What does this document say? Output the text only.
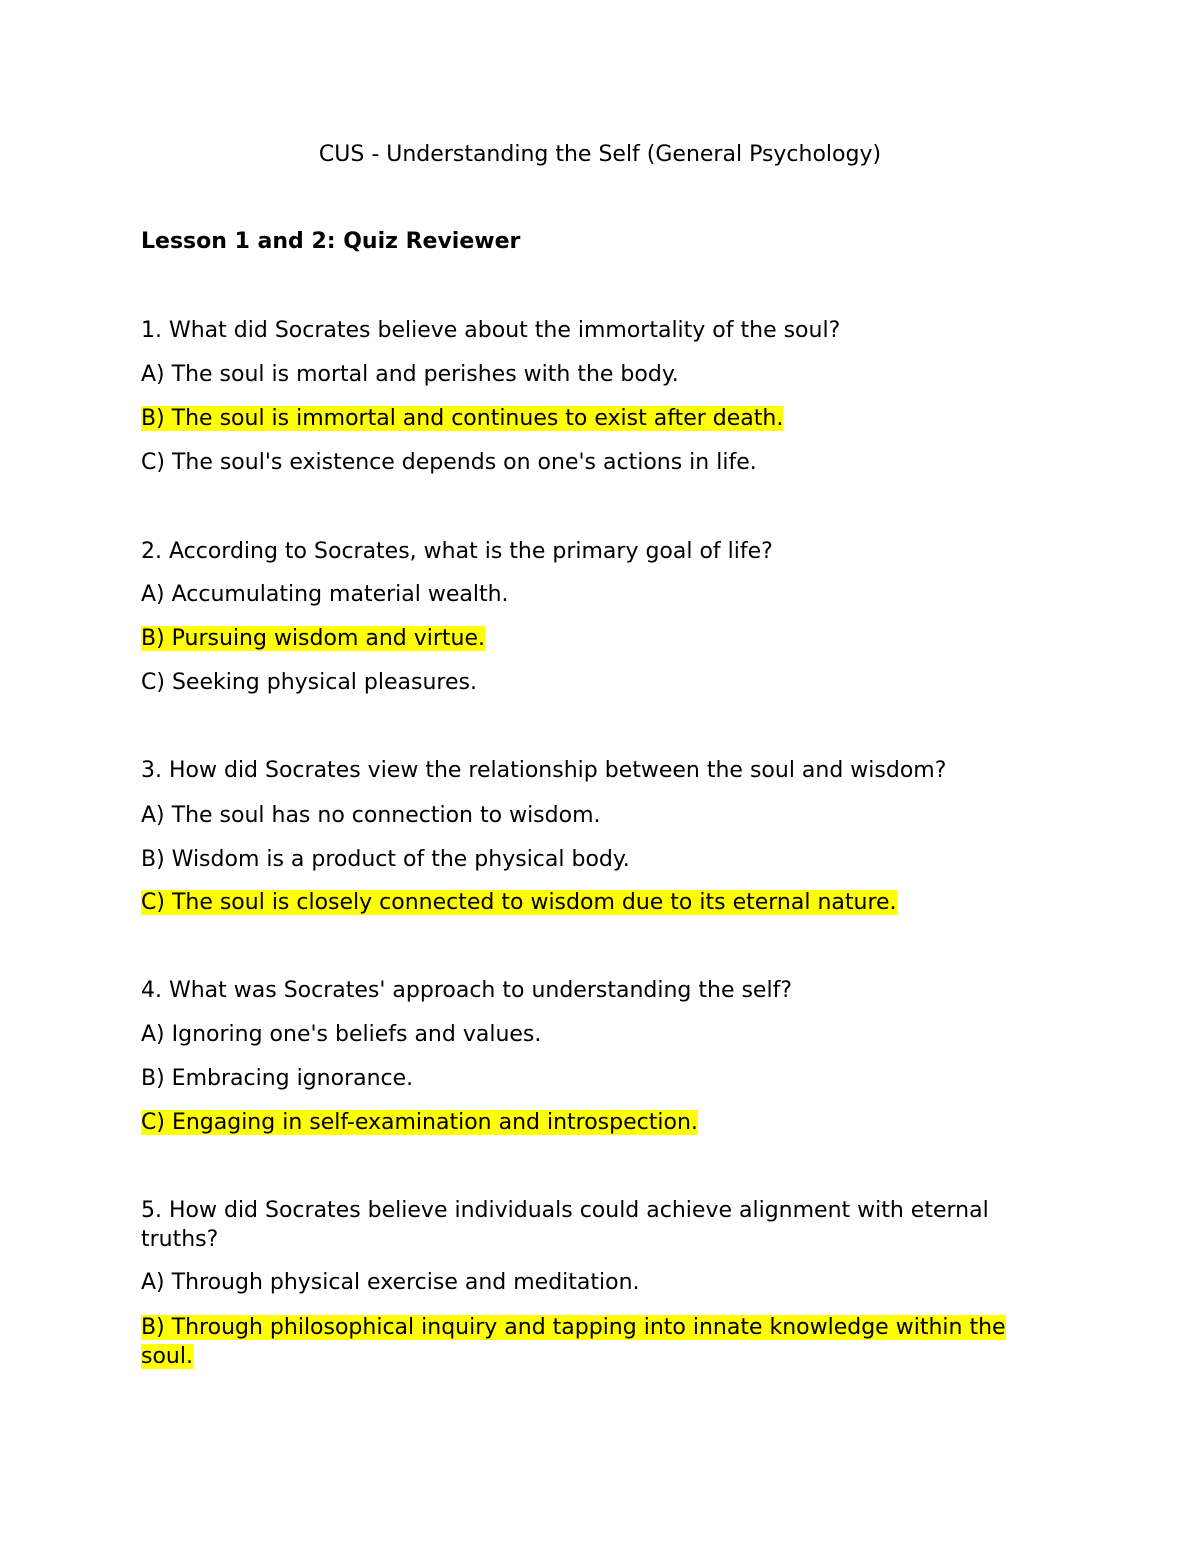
CUS - Understanding the Self (General Psychology)
Lesson 1 and 2: Quiz Reviewer

1. What did Socrates believe about the immortality of the soul?

A) The soul is mortal and perishes with the body.

B) The soul is immortal and continues to exist after death.

C) The soul's existence depends on one's actions in life.

2. According to Socrates, what is the primary goal of life?

A) Accumulating material wealth.

B) Pursuing wisdom and virtue.

C) Seeking physical pleasures.

3. How did Socrates view the relationship between the soul and wisdom?

A) The soul has no connection to wisdom.

B) Wisdom is a product of the physical body.

C) The soul is closely connected to wisdom due to its eternal nature.

4. What was Socrates' approach to understanding the self?

A) Ignoring one's beliefs and values.

B) Embracing ignorance.

C) Engaging in self-examination and introspection.

5. How did Socrates believe individuals could achieve alignment with eternal truths?

A) Through physical exercise and meditation.

B) Through philosophical inquiry and tapping into innate knowledge within the soul.
